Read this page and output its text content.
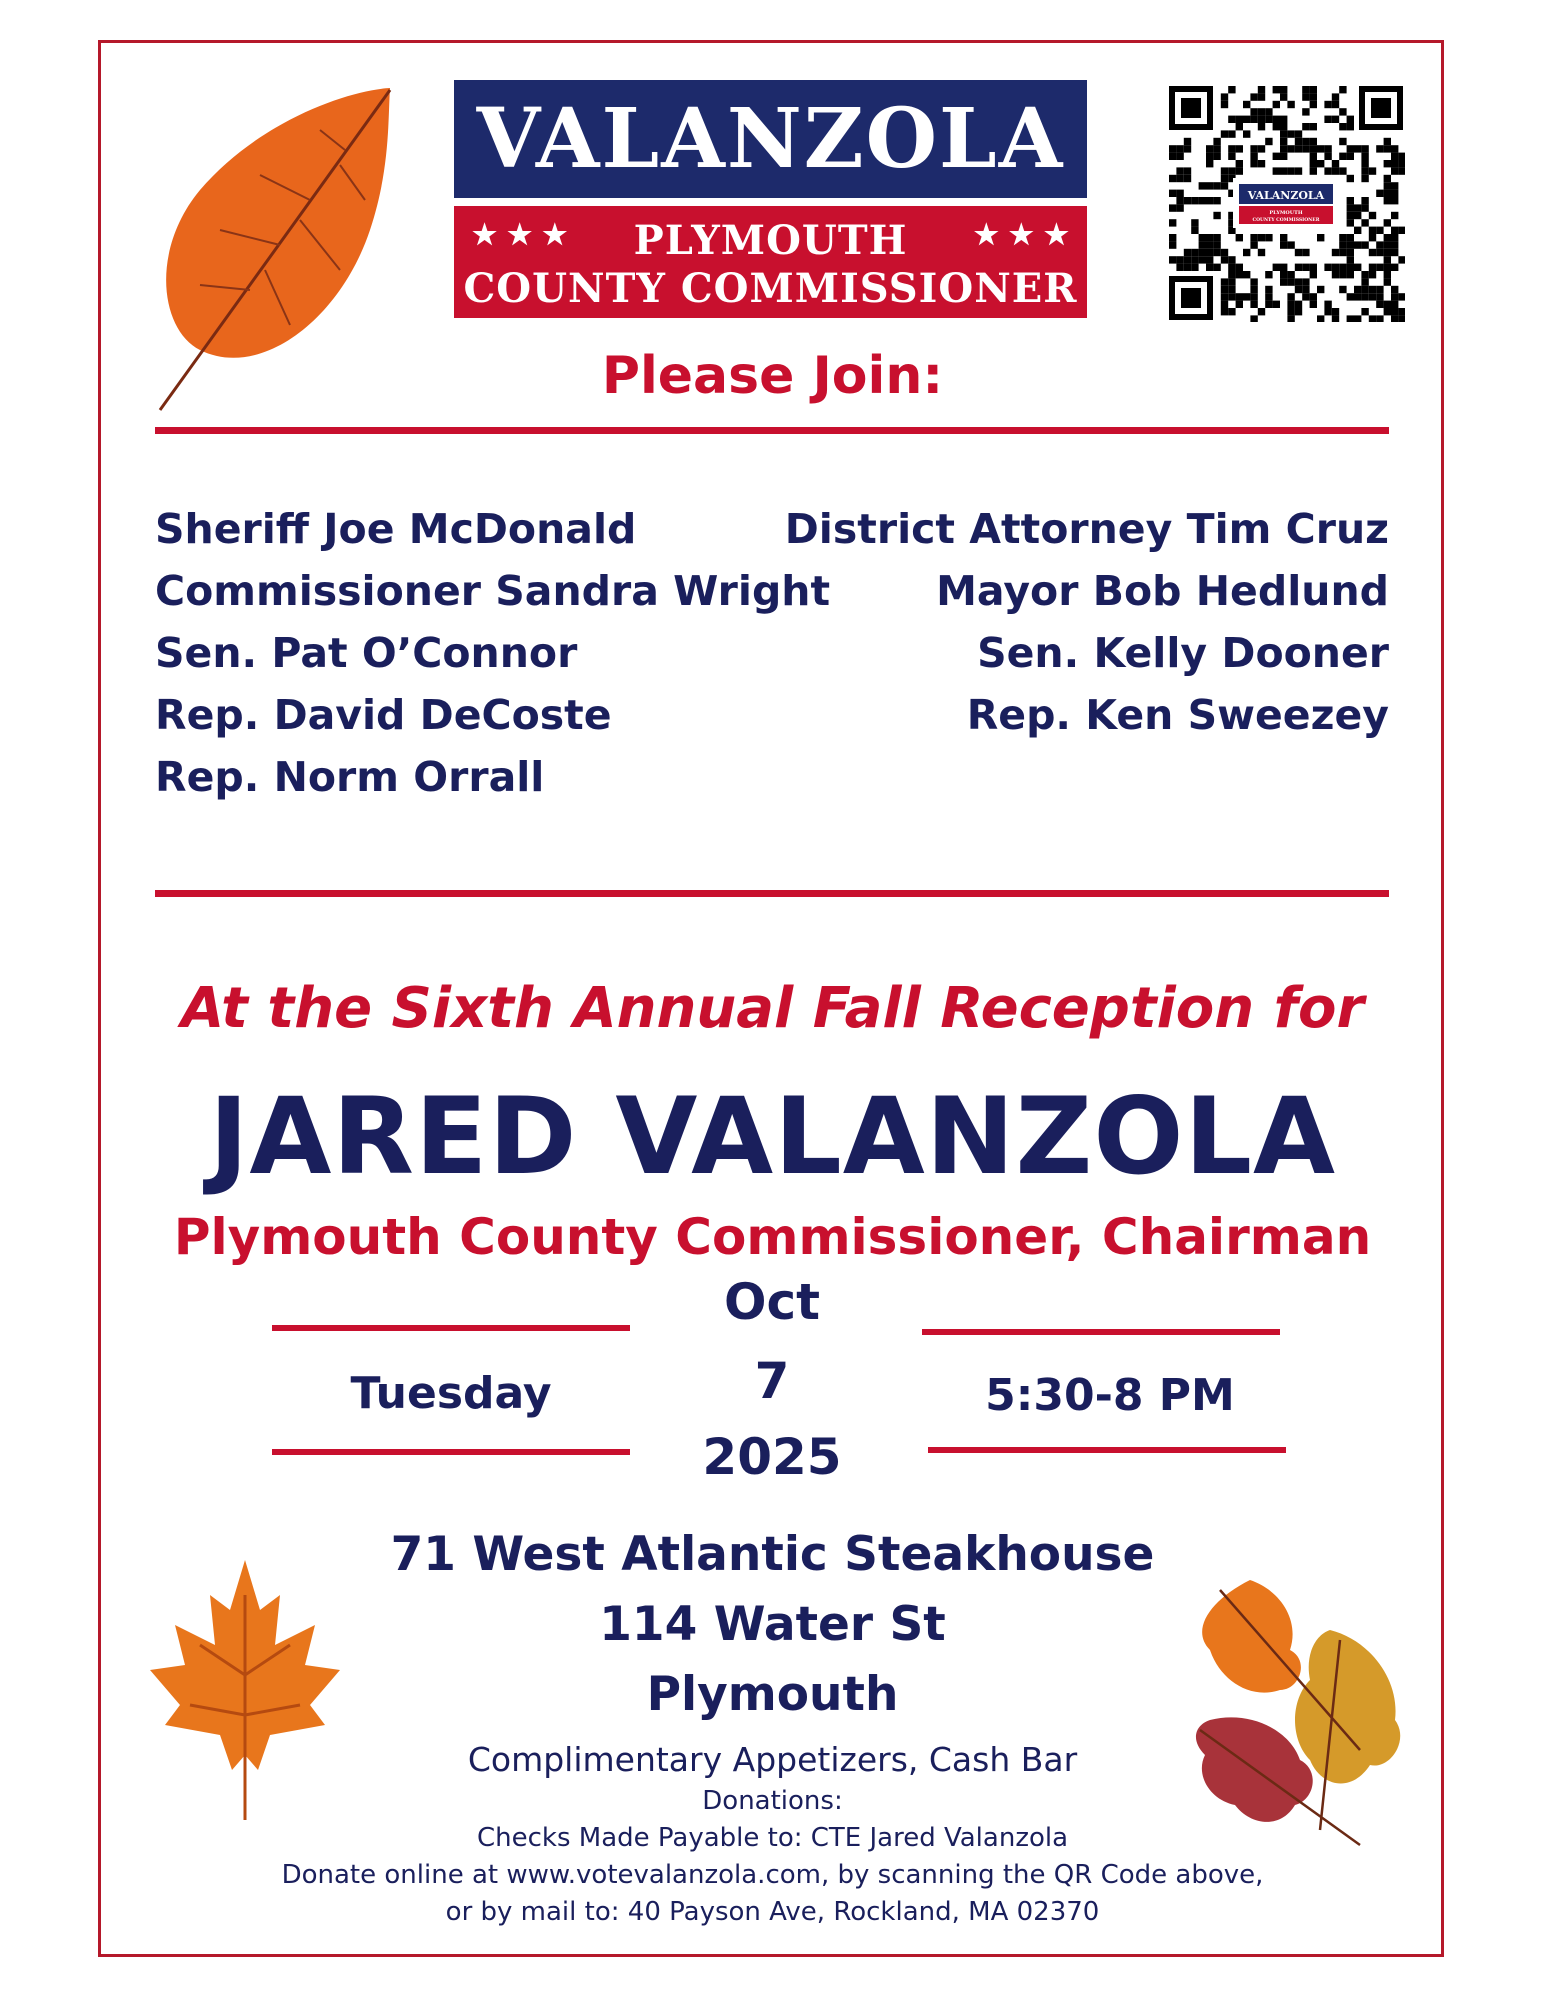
VALANZOLA
★★★	★★★
PLYMOUTH
COUNTY COMMISSIONER
VALANZOLA
PLYMOUTH
COUNTY COMMISSIONER
Please Join:
Sheriff Joe McDonald
Commissioner Sandra Wright
Sen. Pat O’Connor
Rep. David DeCoste
Rep. Norm Orrall
District Attorney Tim Cruz
Mayor Bob Hedlund
Sen. Kelly Dooner
Rep. Ken Sweezey
At the Sixth Annual Fall Reception for
JARED VALANZOLA
Plymouth County Commissioner, Chairman
Tuesday
Oct
7
2025
5:30-8 PM
71 West Atlantic Steakhouse
114 Water St
Plymouth
Complimentary Appetizers, Cash Bar
Donations:
Checks Made Payable to: CTE Jared Valanzola
Donate online at www.votevalanzola.com, by scanning the QR Code above,
or by mail to: 40 Payson Ave, Rockland, MA 02370
